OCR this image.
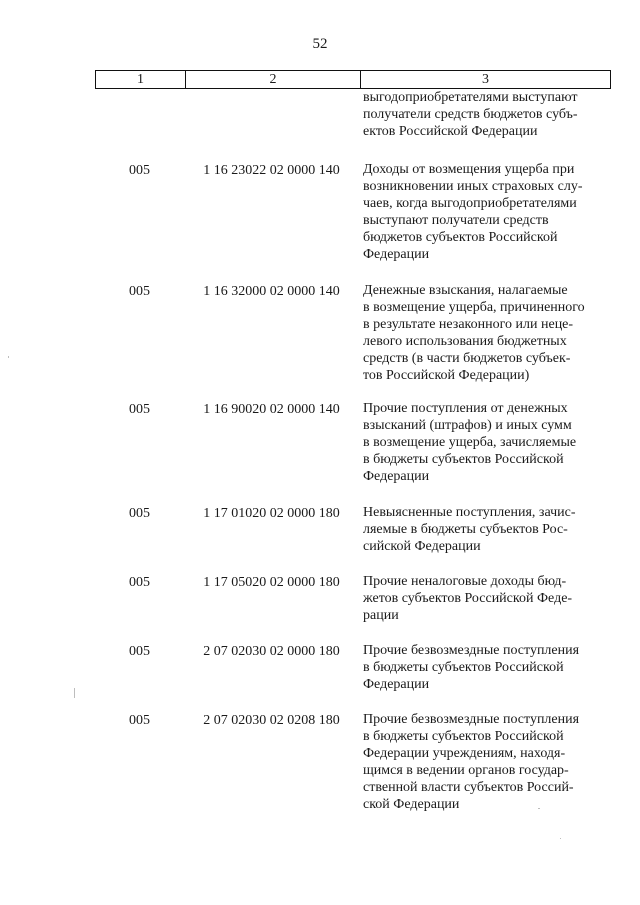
52
1	2	3
выгодоприобретателями выступают
получатели средств бюджетов субъ-
ектов Российской Федерации
005	1 16 23022 02 0000 140	Доходы от возмещения ущерба при
возникновении иных страховых слу-
чаев, когда выгодоприобретателями
выступают получатели средств
бюджетов субъектов Российской
Федерации
005	1 16 32000 02 0000 140	Денежные взыскания, налагаемые
в возмещение ущерба, причиненного
в результате незаконного или неце-
левого использования бюджетных
средств (в части бюджетов субъек-
тов Российской Федерации)
005	1 16 90020 02 0000 140	Прочие поступления от денежных
взысканий (штрафов) и иных сумм
в возмещение ущерба, зачисляемые
в бюджеты субъектов Российской
Федерации
005	1 17 01020 02 0000 180	Невыясненные поступления, зачис-
ляемые в бюджеты субъектов Рос-
сийской Федерации
005	1 17 05020 02 0000 180	Прочие неналоговые доходы бюд-
жетов субъектов Российской Феде-
рации
005	2 07 02030 02 0000 180	Прочие безвозмездные поступления
в бюджеты субъектов Российской
Федерации
005	2 07 02030 02 0208 180	Прочие безвозмездные поступления
в бюджеты субъектов Российской
Федерации учреждениям, находя-
щимся в ведении органов государ-
ственной власти субъектов Россий-
ской Федерации
